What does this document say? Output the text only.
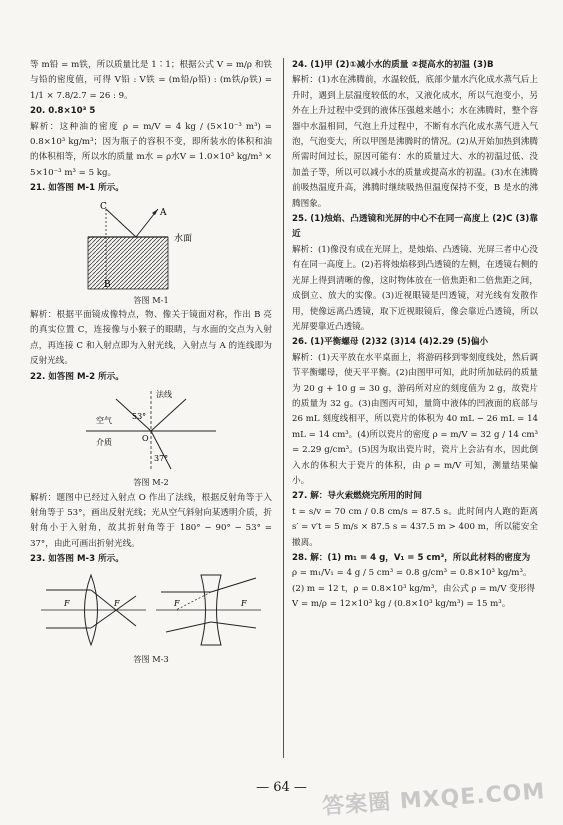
等 m铅 = m铁，所以质量比是 1∶1；根据公式 V = m/ρ 和铁与铅的密度值，可得 V铅 : V铁 = (m铅/ρ铅) : (m铁/ρ铁) = 1/1 × 7.8/2.7 = 26 : 9。

20. 0.8×10³ 5

解析：这种油的密度 ρ = m/V = 4 kg / (5×10⁻³ m³) = 0.8×10³ kg/m³；因为瓶子的容积不变，即所装水的体积和油的体积相等，所以水的质量 m水 = ρ水V = 1.0×10³ kg/m³ × 5×10⁻³ m³ = 5 kg。

21. 如答图 M-1 所示。

C
A
B
水面
答图 M-1

解析：根据平面镜成像特点，物、像关于镜面对称，作出 B 亮的真实位置 C，连接像与小猴子的眼睛，与水面的交点为入射点，再连接 C 和入射点即为入射光线，入射点与 A 的连线即为反射光线。

22. 如答图 M-2 所示。

法线
空气
介质
53°
O
37°
答图 M-2

解析：题图中已经过入射点 O 作出了法线，根据反射角等于入射角等于 53°，画出反射光线；光从空气斜射向某透明介质，折射角小于入射角，故其折射角等于 180° − 90° − 53° = 37°，由此可画出折射光线。

23. 如答图 M-3 所示。

F	F	F	F
答图 M-3

24. (1)甲 (2)①减小水的质量 ②提高水的初温 (3)B

解析：(1)水在沸腾前，水温较低，底部少量水汽化成水蒸气后上升时，遇到上层温度较低的水，又液化成水，所以气泡变小，另外在上升过程中受到的液体压强越来越小；水在沸腾时，整个容器中水温相同，气泡上升过程中，不断有水汽化成水蒸气进入气泡，气泡变大，所以甲图是沸腾时的情况。(2)从开始加热到沸腾所需时间过长，原因可能有：水的质量过大、水的初温过低、没加盖子等，所以可以减小水的质量或提高水的初温。(3)水在沸腾前吸热温度升高，沸腾时继续吸热但温度保持不变，B 是水的沸腾图象。

25. (1)烛焰、凸透镜和光屏的中心不在同一高度上 (2)C (3)靠近

解析：(1)像没有成在光屏上，是烛焰、凸透镜、光屏三者中心没有在同一高度上。(2)若将烛焰移到凸透镜的左侧，在透镜右侧的光屏上得到清晰的像，这时物体放在一倍焦距和二倍焦距之间，成倒立、放大的实像。(3)近视眼镜是凹透镜，对光线有发散作用，使像远离凸透镜，取下近视眼镜后，像会靠近凸透镜，所以光屏要靠近凸透镜。

26. (1)平衡螺母 (2)32 (3)14 (4)2.29 (5)偏小

解析：(1)天平放在水平桌面上，将游码移到零刻度线处，然后调节平衡螺母，使天平平衡。(2)由图甲可知，此时所加砝码的质量为 20 g + 10 g = 30 g，游码所对应的刻度值为 2 g，故瓷片的质量为 32 g。(3)由图丙可知，量筒中液体的凹液面的底部与 26 mL 刻度线相平，所以瓷片的体积为 40 mL − 26 mL = 14 mL = 14 cm³。(4)所以瓷片的密度 ρ = m/V = 32 g / 14 cm³ = 2.29 g/cm³。(5)因为取出瓷片时，瓷片上会沾有水，因此倒入水的体积大于瓷片的体积，由 ρ = m/V 可知，测量结果偏小。

27. 解：导火索燃烧完所用的时间

t = s/v = 70 cm / 0.8 cm/s = 87.5 s。此时间内人跑的距离 s′ = v′t = 5 m/s × 87.5 s = 437.5 m > 400 m，所以能安全撤离。

28. 解：(1) m₁ = 4 g，V₁ = 5 cm³，所以此材料的密度为

ρ = m₁/V₁ = 4 g / 5 cm³ = 0.8 g/cm³ = 0.8×10³ kg/m³。

(2) m = 12 t，ρ = 0.8×10³ kg/m³，由公式 ρ = m/V 变形得

V = m/ρ = 12×10³ kg / (0.8×10³ kg/m³) = 15 m³。

— 64 — 答案圈 MXQE.COM
